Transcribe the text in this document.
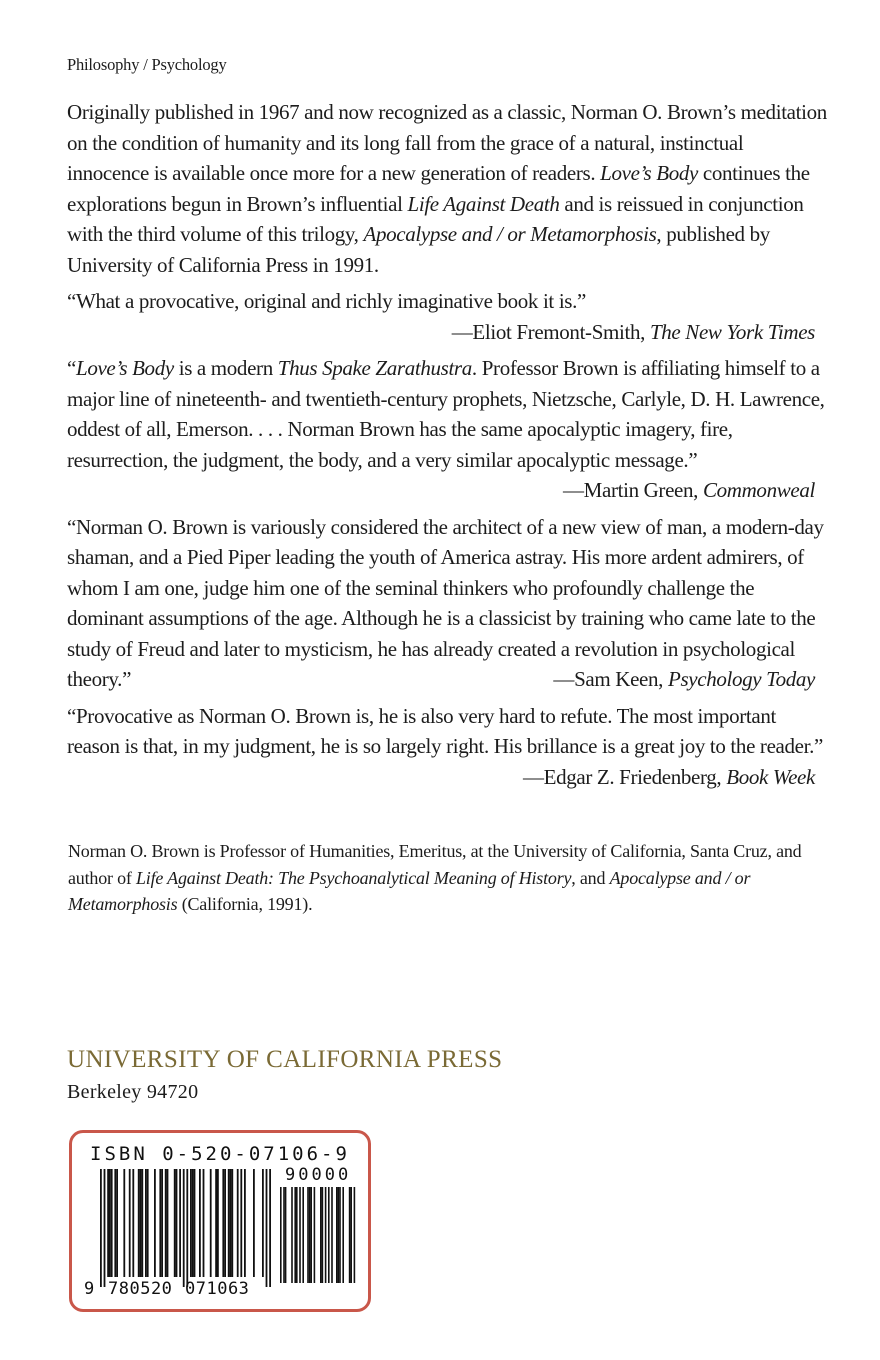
Philosophy / Psychology

Originally published in 1967 and now recognized as a classic, Norman O. Brown’s meditation on the condition of humanity and its long fall from the grace of a natural, instinctual innocence is available once more for a new generation of readers. Love’s Body continues the explorations begun in Brown’s influential Life Against Death and is reissued in conjunction with the third volume of this trilogy, Apocalypse and / or Metamorphosis, published by University of California Press in 1991.

“What a provocative, original and richly imaginative book it is.”

—Eliot Fremont-Smith, The New York Times

“Love’s Body is a modern Thus Spake Zarathustra. Professor Brown is affiliating himself to a major line of nineteenth- and twentieth-century prophets, Nietzsche, Carlyle, D. H. Lawrence, oddest of all, Emerson. . . . Norman Brown has the same apocalyptic imagery, fire, resurrection, the judgment, the body, and a very similar apocalyptic message.”
—Martin Green, Commonweal

“Norman O. Brown is variously considered the architect of a new view of man, a modern-day shaman, and a Pied Piper leading the youth of America astray. His more ardent admirers, of whom I am one, judge him one of the seminal thinkers who profoundly challenge the dominant assumptions of the age. Although he is a classicist by training who came late to the study of Freud and later to mysticism, he has already created a revolution in psychological theory.”	—Sam Keen, Psychology Today

“Provocative as Norman O. Brown is, he is also very hard to refute. The most important reason is that, in my judgment, he is so largely right. His brillance is a great joy to the reader.”
—Edgar Z. Friedenberg, Book Week

Norman O. Brown is Professor of Humanities, Emeritus, at the University of California, Santa Cruz, and author of Life Against Death: The Psychoanalytical Meaning of History, and Apocalypse and / or Metamorphosis (California, 1991).
UNIVERSITY OF CALIFORNIA PRESS
Berkeley 94720
ISBN 0-520-07106-9
90000
9 780520 071063
